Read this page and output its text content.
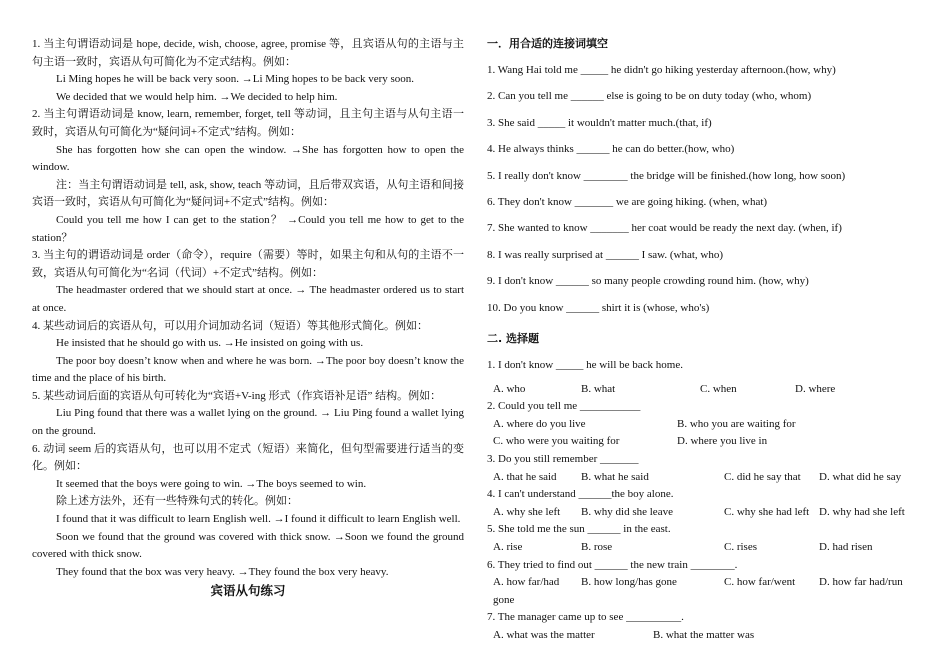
1. 当主句谓语动词是 hope, decide, wish, choose, agree, promise 等，且宾语从句的主语与主句主语一致时，宾语从句可简化为不定式结构。例如：

Li Ming hopes he will be back very soon. →Li Ming hopes to be back very soon.

We decided that we would help him. →We decided to help him.

2. 当主句谓语动词是 know, learn, remember, forget, tell 等动词，且主句主语与从句主语一致时，宾语从句可简化为“疑问词+不定式”结构。例如：

She has forgotten how she can open the window. →She has forgotten how to open the window.

注：当主句谓语动词是 tell, ask, show, teach 等动词，且后带双宾语，从句主语和间接宾语一致时，宾语从句可简化为“疑问词+不定式”结构。例如：

Could you tell me how I can get to the station？ →Could you tell me how to get to the station？

3. 当主句的谓语动词是 order（命令），require（需要）等时，如果主句和从句的主语不一致，宾语从句可简化为“名词（代词）+不定式”结构。例如：

The headmaster ordered that we should start at once. → The headmaster ordered us to start at once.

4. 某些动词后的宾语从句，可以用介词加动名词（短语）等其他形式简化。例如：

He insisted that he should go with us. →He insisted on going with us.

The poor boy doesn’t know when and where he was born. →The poor boy doesn’t know the time and the place of his birth.

5. 某些动词后面的宾语从句可转化为“宾语+V-ing 形式（作宾语补足语” 结构。例如：

Liu Ping found that there was a wallet lying on the ground. → Liu Ping found a wallet lying on the ground.

6. 动词 seem 后的宾语从句，也可以用不定式（短语）来简化，但句型需要进行适当的变化。例如：

It seemed that the boys were going to win. →The boys seemed to win.

除上述方法外，还有一些特殊句式的转化。例如：

I found that it was difficult to learn English well. →I found it difficult to learn English well.

Soon we found that the ground was covered with thick snow. →Soon we found the ground covered with thick snow.

They found that the box was very heavy. →They found the box very heavy.

宾语从句练习
一．用合适的连接词填空

1. Wang Hai told me _____ he didn't go hiking yesterday afternoon.(how, why)

2. Can you tell me ______ else is going to be on duty today (who, whom)

3. She said _____ it wouldn't matter much.(that, if)

4. He always thinks ______ he can do better.(how, who)

5. I really don't know ________ the bridge will be finished.(how long, how soon)

6. They don't know _______ we are going hiking. (when, what)

7. She wanted to know _______ her coat would be ready the next day. (when, if)

8. I was really surprised at ______ I saw. (what, who)

9. I don't know ______ so many people crowding round him. (how, why)

10. Do you know ______ shirt it is (whose, who's)

二. 选择题

1. I don't know _____ he will be back home.

A. who	B. what	C. when	D. where

2. Could you tell me ___________

A. where do you live	B. who you are waiting for
C. who were you waiting for	D. where you live in

3. Do you still remember _______

A. that he said	B. what he said	C. did he say that	D. what did he say

4. I can't understand ______the boy alone.

A. why she left	B. why did she leave	C. why she had left D. why had she left

5. She told me the sun ______ in the east.

A. rise	B. rose	C. rises	D. had risen

6. They tried to find out ______ the new train ________.

A. how far/had gone
B. how long/has gone	C. how far/went	D. how far had/run

7. The manager came up to see __________.

A. what was the matter	B. what the matter was
